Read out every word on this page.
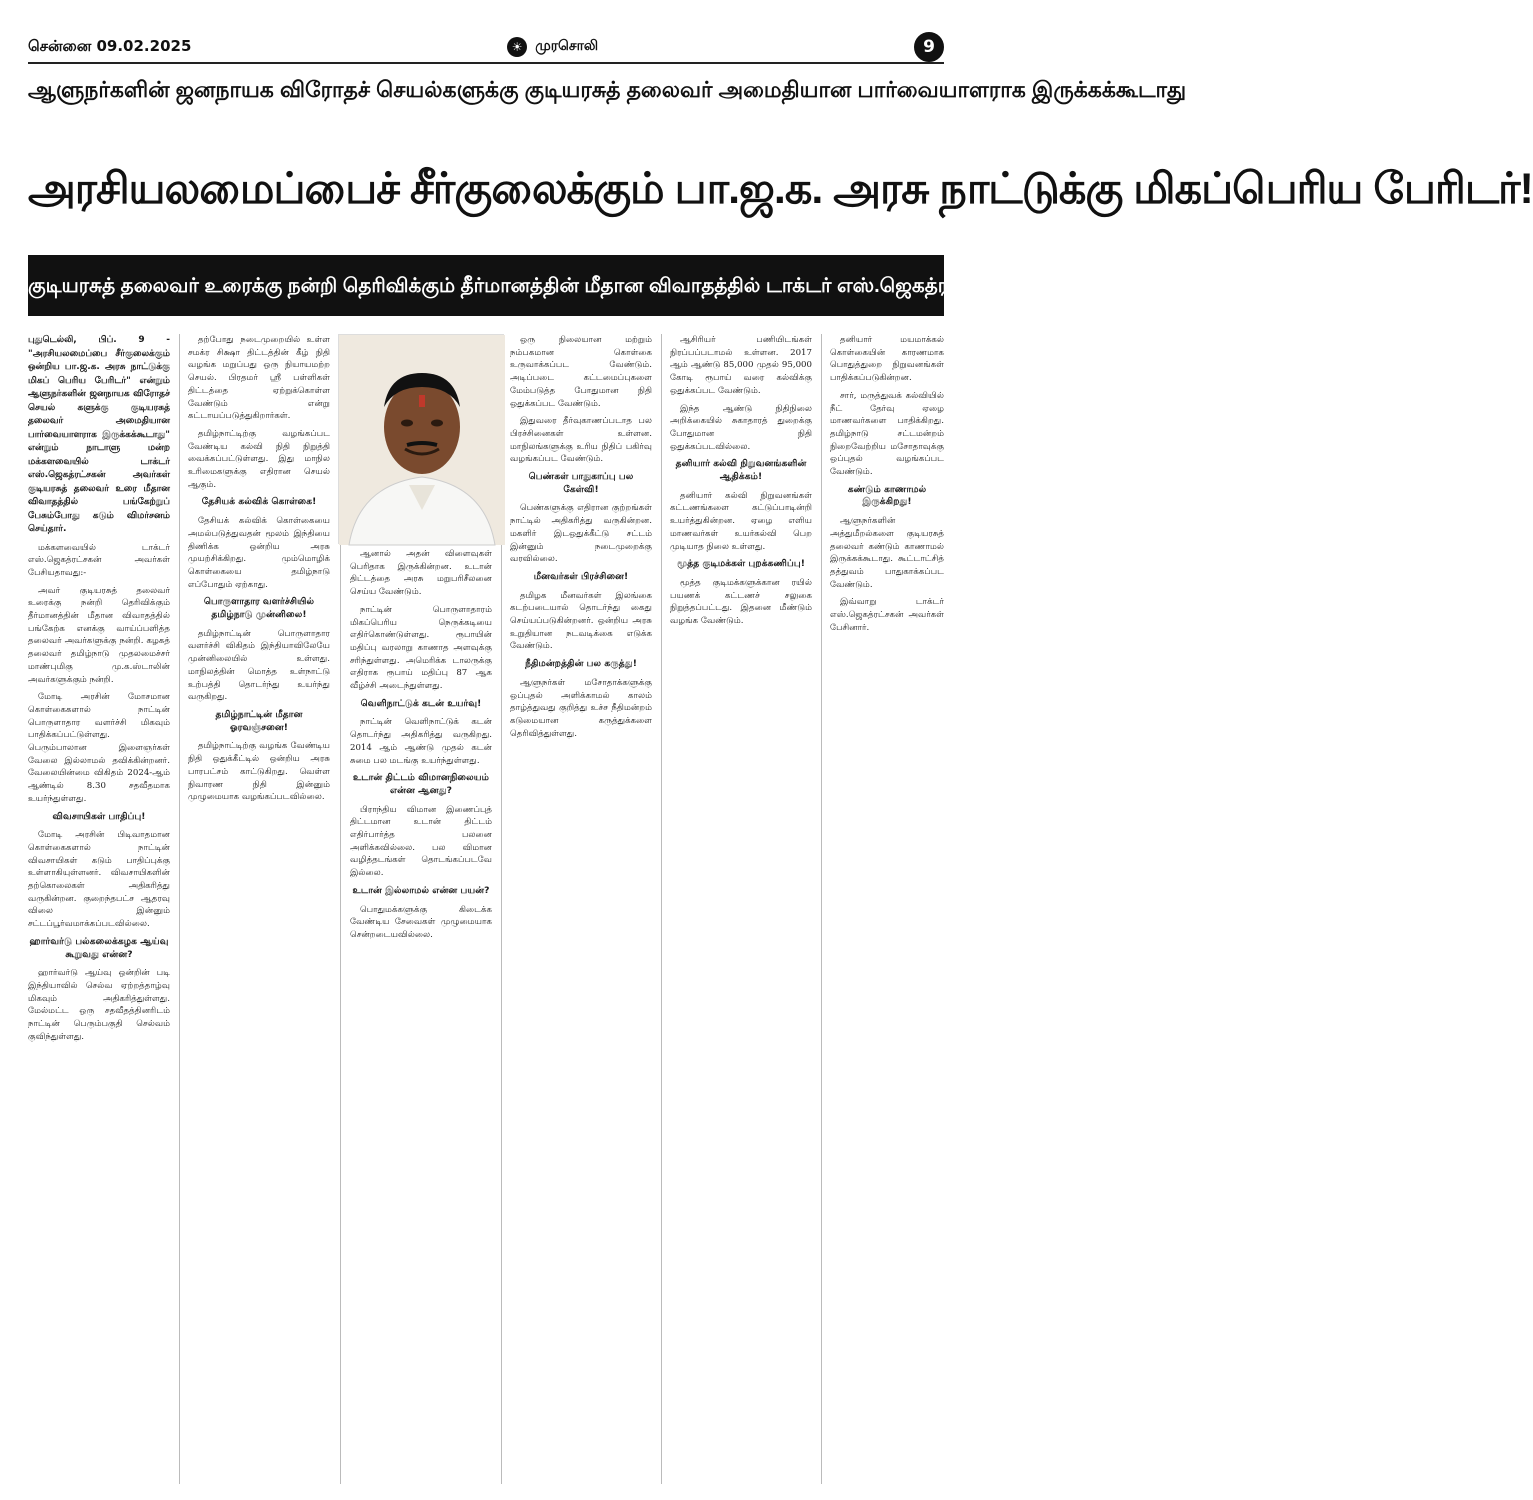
சென்னை 09.02.2025	☀ முரசொலி	9
ஆளுநர்களின் ஜனநாயக விரோதச் செயல்களுக்கு குடியரசுத் தலைவர் அமைதியான பார்வையாளராக இருக்கக்கூடாது
அரசியலமைப்பைச் சீர்குலைக்கும் பா.ஜ.க. அரசு நாட்டுக்கு மிகப்பெரிய பேரிடர்!
குடியரசுத் தலைவர் உரைக்கு நன்றி தெரிவிக்கும் தீர்மானத்தின் மீதான விவாதத்தில் டாக்டர் எஸ்.ஜெகத்ரட்சகன் கடும் விமர்சனம்!

புதுடெல்லி, பிப். 9 - "அரசியலமைப்பை சீர்குலைக்கும் ஒன்றிய பா.ஜ.க. அரசு நாட்டுக்கு மிகப் பெரிய பேரிடர்" என்றும் ஆளுநர்களின் ஜனநாயக விரோதச் செயல் களுக்கு குடியரசுத் தலைவர் அமைதியான பார்வையாளராக இருக்கக்கூடாது" என்றும் நாடாளு மன்ற மக்களவையில் டாக்டர் எஸ்.ஜெகத்ரட்சகன் அவர்கள் குடியரசுத் தலைவர் உரை மீதான விவாதத்தில் பங்கேற்றுப் பேசும்போது கடும் விமர்சனம் செய்தார்.

மக்களவையில் டாக்டர் எஸ்.ஜெகத்ரட்சகன் அவர்கள் பேசியதாவது:-

அவர் குடியரசுத் தலைவர் உரைக்கு நன்றி தெரிவிக்கும் தீர்மானத்தின் மீதான விவாதத்தில் பங்கேற்க எனக்கு வாய்ப்பளித்த தலைவர் அவர்களுக்கு நன்றி. கழகத் தலைவர் தமிழ்நாடு முதலமைச்சர் மாண்புமிகு மு.க.ஸ்டாலின் அவர்களுக்கும் நன்றி.

மோடி அரசின் மோசமான கொள்கைகளால் நாட்டின் பொருளாதார வளர்ச்சி மிகவும் பாதிக்கப்பட்டுள்ளது. பெரும்பாலான இளைஞர்கள் வேலை இல்லாமல் தவிக்கின்றனர். வேலையின்மை விகிதம் 2024-ஆம் ஆண்டில் 8.30 சதவீதமாக உயர்ந்துள்ளது.

விவசாயிகள் பாதிப்பு!

மோடி அரசின் பிடிவாதமான கொள்கைகளால் நாட்டின் விவசாயிகள் கடும் பாதிப்புக்கு உள்ளாகியுள்ளனர். விவசாயிகளின் தற்கொலைகள் அதிகரித்து வருகின்றன. குறைந்தபட்ச ஆதரவு விலை இன்னும் சட்டப்பூர்வமாக்கப்படவில்லை.

ஹார்வர்டு பல்கலைக்கழக ஆய்வு கூறுவது என்ன?

ஹார்வர்டு ஆய்வு ஒன்றின் படி இந்தியாவில் செல்வ ஏற்றத்தாழ்வு மிகவும் அதிகரித்துள்ளது. மேல்மட்ட ஒரு சதவீதத்தினரிடம் நாட்டின் பெரும்பகுதி செல்வம் குவிந்துள்ளது.

தற்போது நடைமுறையில் உள்ள சமக்ர சிக்ஷா திட்டத்தின் கீழ் நிதி வழங்க மறுப்பது ஒரு நியாயமற்ற செயல். பிரதமர் ஸ்ரீ பள்ளிகள் திட்டத்தை ஏற்றுக்கொள்ள வேண்டும் என்று கட்டாயப்படுத்துகிறார்கள்.

தமிழ்நாட்டிற்கு வழங்கப்பட வேண்டிய கல்வி நிதி நிறுத்தி வைக்கப்பட்டுள்ளது. இது மாநில உரிமைகளுக்கு எதிரான செயல் ஆகும்.

தேசியக் கல்விக் கொள்கை!

தேசியக் கல்விக் கொள்கையை அமல்படுத்துவதன் மூலம் இந்தியை திணிக்க ஒன்றிய அரசு முயற்சிக்கிறது. மும்மொழிக் கொள்கையை தமிழ்நாடு எப்போதும் ஏற்காது.

பொருளாதார வளர்ச்சியில் தமிழ்நாடு முன்னிலை!

தமிழ்நாட்டின் பொருளாதார வளர்ச்சி விகிதம் இந்தியாவிலேயே முன்னிலையில் உள்ளது. மாநிலத்தின் மொத்த உள்நாட்டு உற்பத்தி தொடர்ந்து உயர்ந்து வருகிறது.

தமிழ்நாட்டின் மீதான ஓரவஞ்சனை!

தமிழ்நாட்டிற்கு வழங்க வேண்டிய நிதி ஒதுக்கீட்டில் ஒன்றிய அரசு பாரபட்சம் காட்டுகிறது. வெள்ள நிவாரண நிதி இன்னும் முழுமையாக வழங்கப்படவில்லை.

ஆனால் அதன் விளைவுகள் பெரிதாக இருக்கின்றன. உடான் திட்டத்தை அரசு மறுபரிசீலனை செய்ய வேண்டும்.

நாட்டின் பொருளாதாரம் மிகப்பெரிய நெருக்கடியை எதிர்கொண்டுள்ளது. ரூபாயின் மதிப்பு வரலாறு காணாத அளவுக்கு சரிந்துள்ளது. அமெரிக்க டாலருக்கு எதிராக ரூபாய் மதிப்பு 87 ஆக வீழ்ச்சி அடைந்துள்ளது.

வெளிநாட்டுக் கடன் உயர்வு!

நாட்டின் வெளிநாட்டுக் கடன் தொடர்ந்து அதிகரித்து வருகிறது. 2014 ஆம் ஆண்டு முதல் கடன் சுமை பல மடங்கு உயர்ந்துள்ளது.

உடான் திட்டம் விமானநிலையம் என்ன ஆனது?

பிராந்திய விமான இணைப்புத் திட்டமான உடான் திட்டம் எதிர்பார்த்த பலனை அளிக்கவில்லை. பல விமான வழித்தடங்கள் தொடங்கப்படவே இல்லை.

உடான் இல்லாமல் என்ன பயன்?

பொதுமக்களுக்கு கிடைக்க வேண்டிய சேவைகள் முழுமையாக சென்றடையவில்லை.

ஒரு நிலையான மற்றும் நம்பகமான கொள்கை உருவாக்கப்பட வேண்டும். அடிப்படை கட்டமைப்புகளை மேம்படுத்த போதுமான நிதி ஒதுக்கப்பட வேண்டும்.

இதுவரை தீர்வுகாணப்படாத பல பிரச்சினைகள் உள்ளன. மாநிலங்களுக்கு உரிய நிதிப் பகிர்வு வழங்கப்பட வேண்டும்.

பெண்கள் பாதுகாப்பு பல கேள்வி!

பெண்களுக்கு எதிரான குற்றங்கள் நாட்டில் அதிகரித்து வருகின்றன. மகளிர் இடஒதுக்கீட்டு சட்டம் இன்னும் நடைமுறைக்கு வரவில்லை.

மீனவர்கள் பிரச்சினை!

தமிழக மீனவர்கள் இலங்கை கடற்படையால் தொடர்ந்து கைது செய்யப்படுகின்றனர். ஒன்றிய அரசு உறுதியான நடவடிக்கை எடுக்க வேண்டும்.

நீதிமன்றத்தின் பல கருத்து!

ஆளுநர்கள் மசோதாக்களுக்கு ஒப்புதல் அளிக்காமல் காலம் தாழ்த்துவது குறித்து உச்ச நீதிமன்றம் கடுமையான கருத்துக்களை தெரிவித்துள்ளது.

ஆசிரியர் பணியிடங்கள் நிரப்பப்படாமல் உள்ளன. 2017 ஆம் ஆண்டு 85,000 முதல் 95,000 கோடி ரூபாய் வரை கல்விக்கு ஒதுக்கப்பட வேண்டும்.

இந்த ஆண்டு நிதிநிலை அறிக்கையில் சுகாதாரத் துறைக்கு போதுமான நிதி ஒதுக்கப்படவில்லை.

தனியார் கல்வி நிறுவனங்களின் ஆதிக்கம்!

தனியார் கல்வி நிறுவனங்கள் கட்டணங்களை கட்டுப்பாடின்றி உயர்த்துகின்றன. ஏழை எளிய மாணவர்கள் உயர்கல்வி பெற முடியாத நிலை உள்ளது.

மூத்த குடிமக்கள் புறக்கணிப்பு!

மூத்த குடிமக்களுக்கான ரயில் பயணக் கட்டணச் சலுகை நிறுத்தப்பட்டது. இதனை மீண்டும் வழங்க வேண்டும்.

தனியார் மயமாக்கல் கொள்கையின் காரணமாக பொதுத்துறை நிறுவனங்கள் பாதிக்கப்படுகின்றன.

சார், மருத்துவக் கல்வியில் நீட் தேர்வு ஏழை மாணவர்களை பாதிக்கிறது. தமிழ்நாடு சட்டமன்றம் நிறைவேற்றிய மசோதாவுக்கு ஒப்புதல் வழங்கப்பட வேண்டும்.

கண்டும் காணாமல் இருக்கிறது!

ஆளுநர்களின் அத்துமீறல்களை குடியரசுத் தலைவர் கண்டும் காணாமல் இருக்கக்கூடாது. கூட்டாட்சித் தத்துவம் பாதுகாக்கப்பட வேண்டும்.

இவ்வாறு டாக்டர் எஸ்.ஜெகத்ரட்சகன் அவர்கள் பேசினார்.
